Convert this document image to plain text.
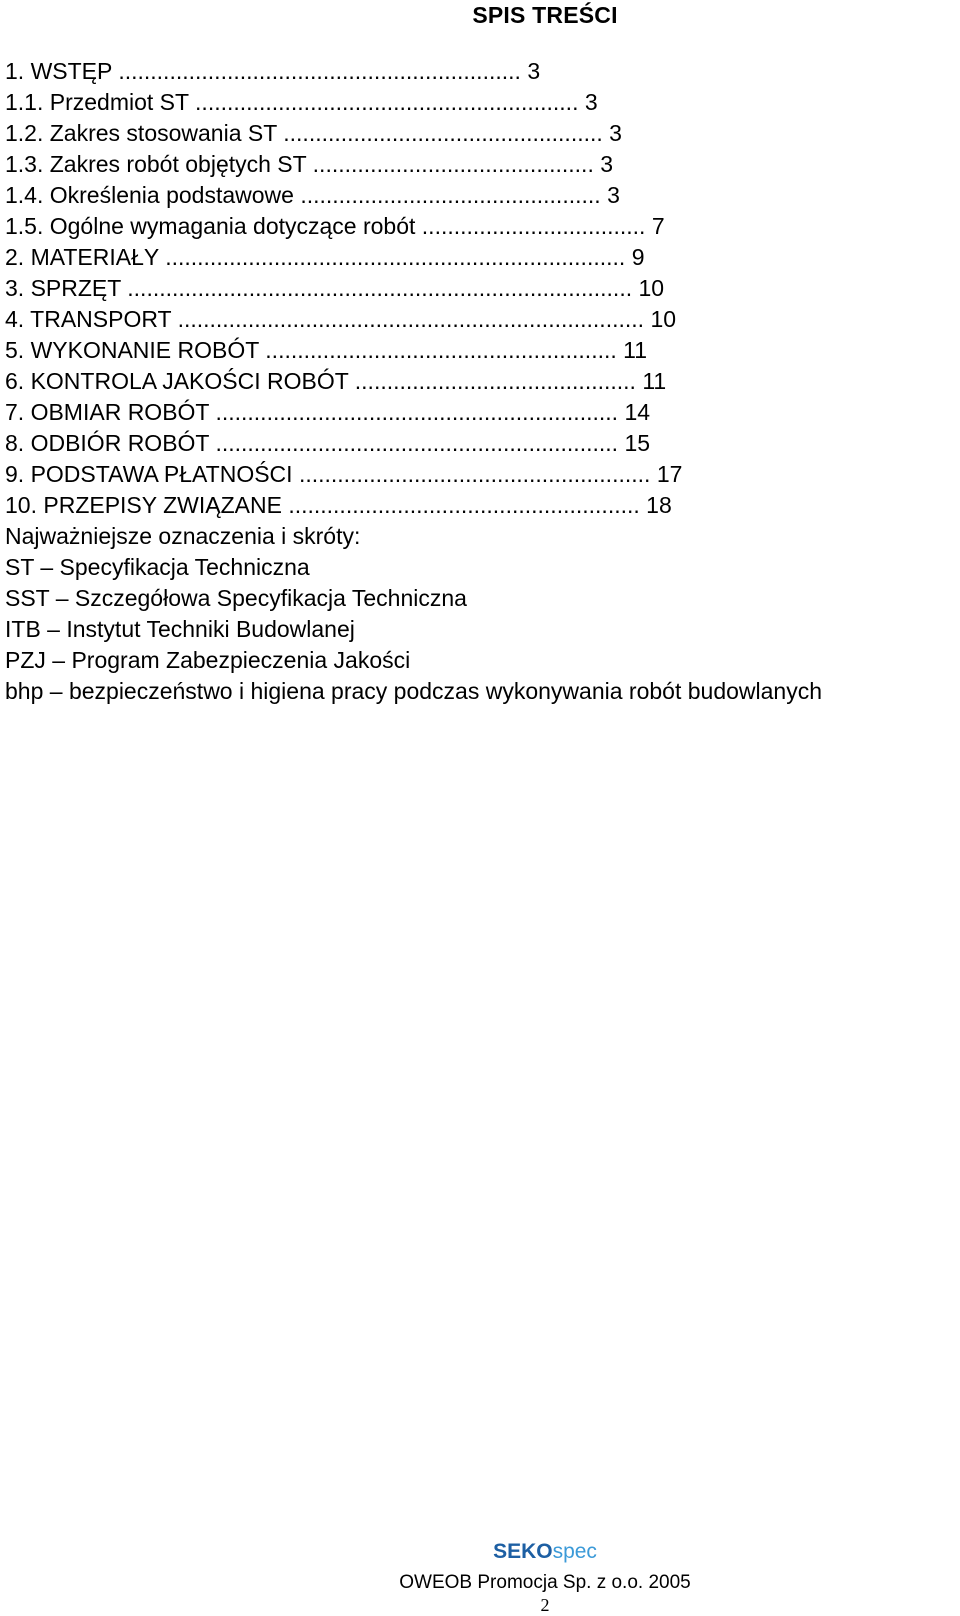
SPIS TREŚCI
1. WSTĘP ............................................................... 3
1.1. Przedmiot ST ............................................................ 3
1.2. Zakres stosowania ST .................................................. 3
1.3. Zakres robót objętych ST ............................................ 3
1.4. Określenia podstawowe ............................................... 3
1.5. Ogólne wymagania dotyczące robót ................................... 7
2. MATERIAŁY ........................................................................ 9
3. SPRZĘT ............................................................................... 10
4. TRANSPORT ......................................................................... 10
5. WYKONANIE ROBÓT ....................................................... 11
6. KONTROLA JAKOŚCI ROBÓT ............................................ 11
7. OBMIAR ROBÓT ............................................................... 14
8. ODBIÓR ROBÓT ............................................................... 15
9. PODSTAWA PŁATNOŚCI ....................................................... 17
10. PRZEPISY ZWIĄZANE ....................................................... 18
Najważniejsze oznaczenia i skróty:
ST – Specyfikacja Techniczna
SST – Szczegółowa Specyfikacja Techniczna
ITB – Instytut Techniki Budowlanej
PZJ – Program Zabezpieczenia Jakości
bhp – bezpieczeństwo i higiena pracy podczas wykonywania robót budowlanych
SEKOspec
OWEOB Promocja Sp. z o.o. 2005
2
